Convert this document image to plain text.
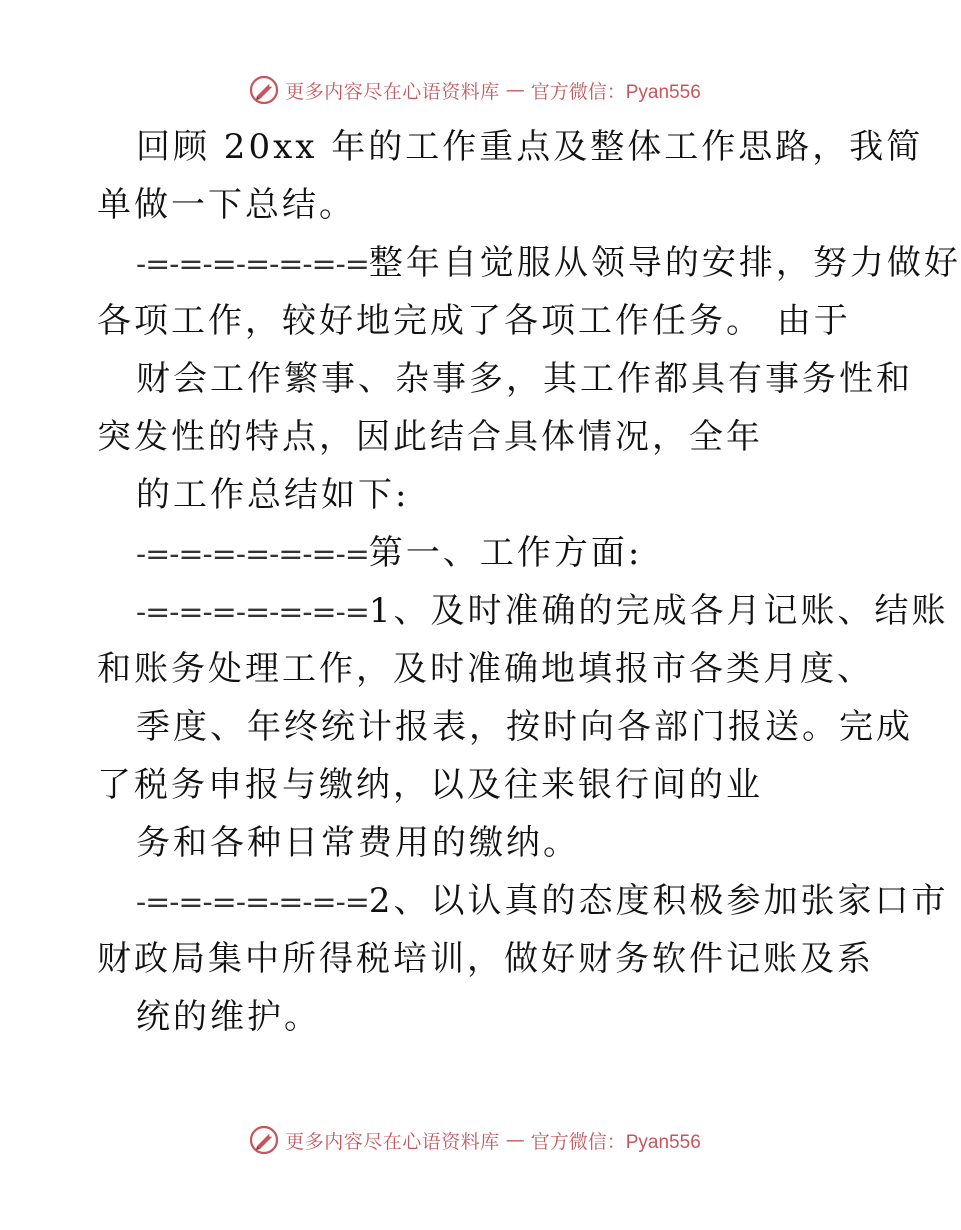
更多内容尽在心语资料库 — 官方微信：Pyan556
回顾 20xx 年的工作重点及整体工作思路，我简
单做一下总结。
-=-=-=-=-=-=-=整年自觉服从领导的安排，努力做好
各项工作，较好地完成了各项工作任务。 由于
财会工作繁事、杂事多，其工作都具有事务性和
突发性的特点，因此结合具体情况，全年
的工作总结如下:
-=-=-=-=-=-=-=第一、工作方面:
-=-=-=-=-=-=-=1、及时准确的完成各月记账、结账
和账务处理工作，及时准确地填报市各类月度、
季度、年终统计报表，按时向各部门报送。完成
了税务申报与缴纳，以及往来银行间的业
务和各种日常费用的缴纳。
-=-=-=-=-=-=-=2、以认真的态度积极参加张家口市
财政局集中所得税培训，做好财务软件记账及系
统的维护。
更多内容尽在心语资料库 — 官方微信：Pyan556
